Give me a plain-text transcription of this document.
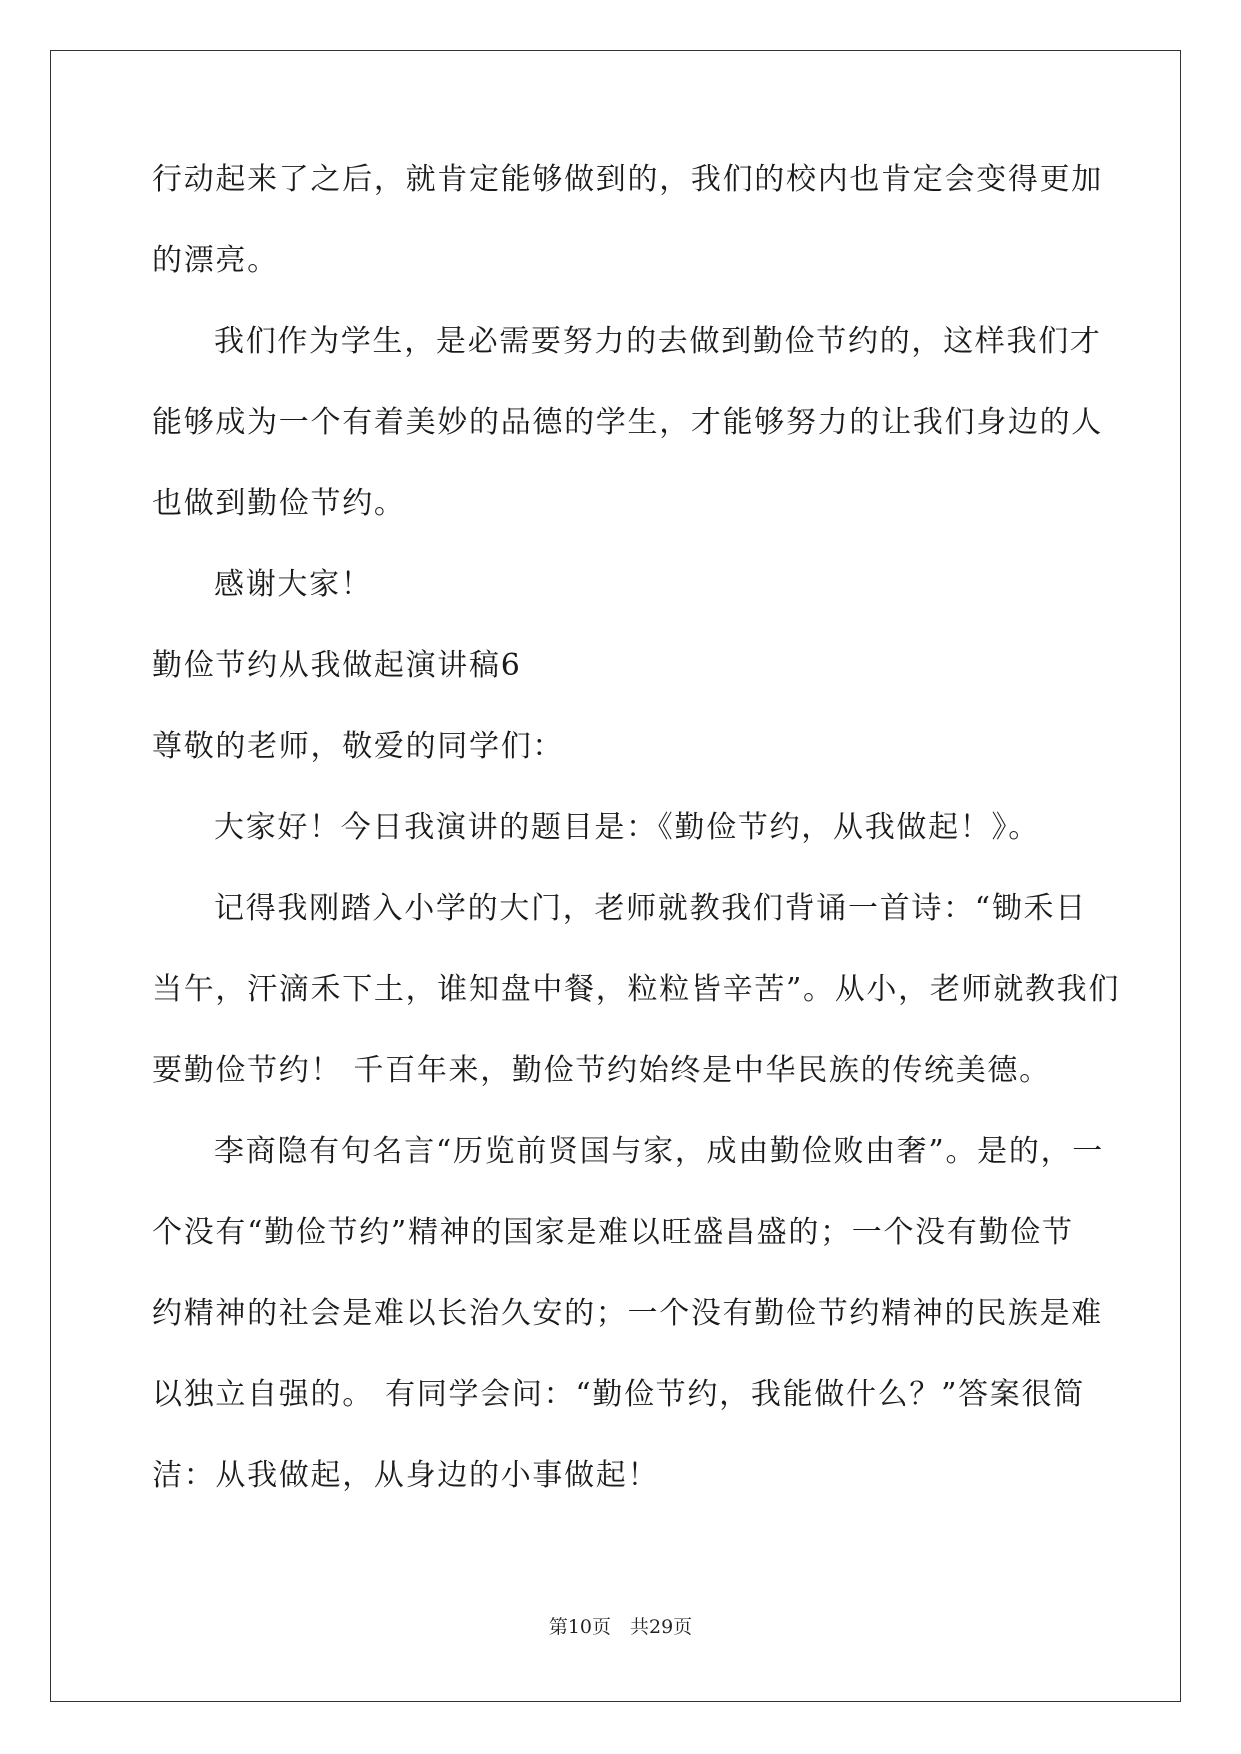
行动起来了之后，就肯定能够做到的，我们的校内也肯定会变得更加
的漂亮。
我们作为学生，是必需要努力的去做到勤俭节约的，这样我们才
能够成为一个有着美妙的品德的学生，才能够努力的让我们身边的人
也做到勤俭节约。
感谢大家！
勤俭节约从我做起演讲稿6
尊敬的老师，敬爱的同学们：
大家好！今日我演讲的题目是：《勤俭节约，从我做起！》。
记得我刚踏入小学的大门，老师就教我们背诵一首诗：“锄禾日
当午，汗滴禾下土，谁知盘中餐，粒粒皆辛苦”。从小，老师就教我们
要勤俭节约！ 千百年来，勤俭节约始终是中华民族的传统美德。
李商隐有句名言“历览前贤国与家，成由勤俭败由奢”。是的，一
个没有“勤俭节约”精神的国家是难以旺盛昌盛的；一个没有勤俭节
约精神的社会是难以长治久安的；一个没有勤俭节约精神的民族是难
以独立自强的。 有同学会问：“勤俭节约，我能做什么？”答案很简
洁：从我做起，从身边的小事做起！
第10页　共29页
